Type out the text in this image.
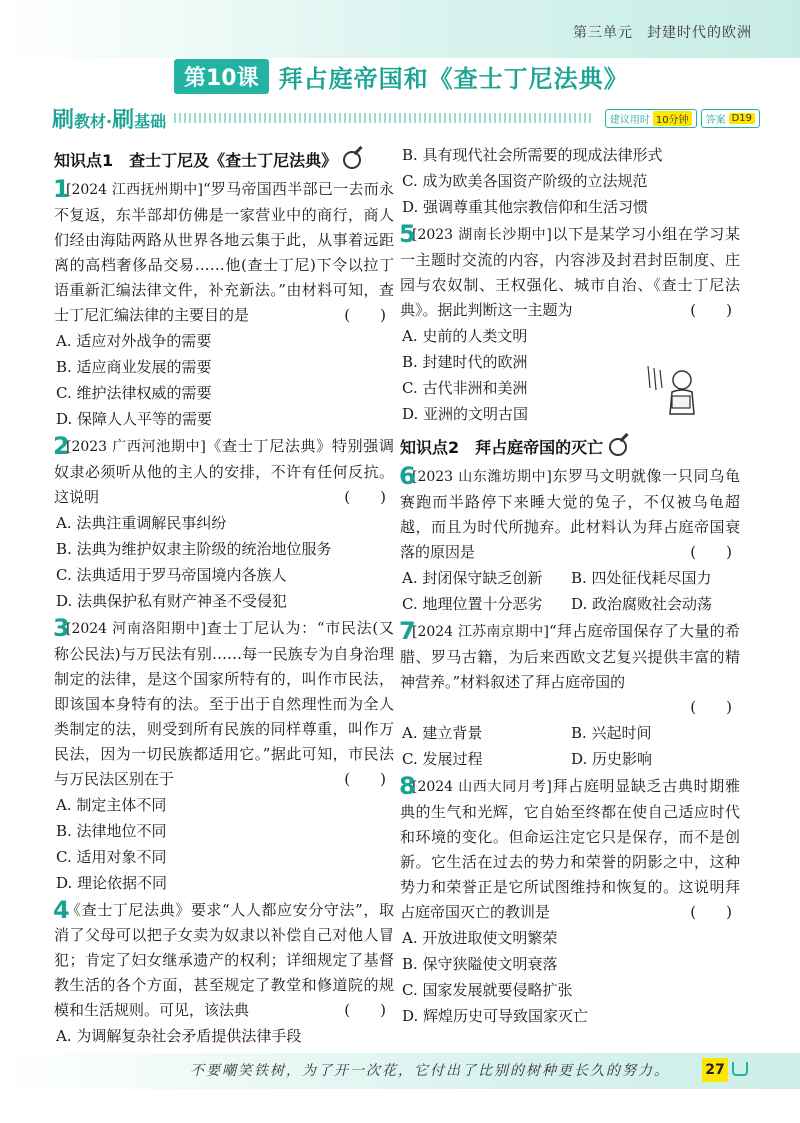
第三单元 封建时代的欧洲
第10课 拜占庭帝国和《查士丁尼法典》
刷教材·刷基础	建议用时 10分钟	答案 D19
知识点1　查士丁尼及《查士丁尼法典》
1
[2024 江西抚州期中]“罗马帝国西半部已一去而永不复返，东半部却仿佛是一家营业中的商行，商人们经由海陆两路从世界各地云集于此，从事着远距离的高档奢侈品交易……他(查士丁尼)下令以拉丁语重新汇编法律文件，补充新法。”由材料可知，查士丁尼汇编法律的主要目的是	(　　)
A. 适应对外战争的需要
B. 适应商业发展的需要
C. 维护法律权威的需要
D. 保障人人平等的需要
2
[2023 广西河池期中]《查士丁尼法典》特别强调奴隶必须听从他的主人的安排，不许有任何反抗。这说明	(　　)
A. 法典注重调解民事纠纷
B. 法典为维护奴隶主阶级的统治地位服务
C. 法典适用于罗马帝国境内各族人
D. 法典保护私有财产神圣不受侵犯
3
[2024 河南洛阳期中]查士丁尼认为：“市民法(又称公民法)与万民法有别……每一民族专为自身治理制定的法律，是这个国家所特有的，叫作市民法，即该国本身特有的法。至于出于自然理性而为全人类制定的法，则受到所有民族的同样尊重，叫作万民法，因为一切民族都适用它。”据此可知，市民法与万民法区别在于	(　　)
A. 制定主体不同
B. 法律地位不同
C. 适用对象不同
D. 理论依据不同
4
《查士丁尼法典》要求“人人都应安分守法”，取消了父母可以把子女卖为奴隶以补偿自己对他人冒犯；肯定了妇女继承遗产的权利；详细规定了基督教生活的各个方面，甚至规定了教堂和修道院的规模和生活规则。可见，该法典	(　　)
A. 为调解复杂社会矛盾提供法律手段
B. 具有现代社会所需要的现成法律形式
C. 成为欧美各国资产阶级的立法规范
D. 强调尊重其他宗教信仰和生活习惯
5
[2023 湖南长沙期中]以下是某学习小组在学习某一主题时交流的内容，内容涉及封君封臣制度、庄园与农奴制、王权强化、城市自治、《查士丁尼法典》。据此判断这一主题为	(　　)
A. 史前的人类文明
B. 封建时代的欧洲
C. 古代非洲和美洲
D. 亚洲的文明古国
知识点2　拜占庭帝国的灭亡
6
[2023 山东潍坊期中]东罗马文明就像一只同乌龟赛跑而半路停下来睡大觉的兔子，不仅被乌龟超越，而且为时代所抛弃。此材料认为拜占庭帝国衰落的原因是	(　　)
A. 封闭保守缺乏创新	B. 四处征伐耗尽国力
C. 地理位置十分恶劣	D. 政治腐败社会动荡
7
[2024 江苏南京期中]“拜占庭帝国保存了大量的希腊、罗马古籍，为后来西欧文艺复兴提供丰富的精神营养。”材料叙述了拜占庭帝国的
(　　)
A. 建立背景	B. 兴起时间
C. 发展过程	D. 历史影响
8
[2024 山西大同月考]拜占庭明显缺乏古典时期雅典的生气和光辉，它自始至终都在使自己适应时代和环境的变化。但命运注定它只是保存，而不是创新。它生活在过去的势力和荣誉的阴影之中，这种势力和荣誉正是它所试图维持和恢复的。这说明拜占庭帝国灭亡的教训是	(　　)
A. 开放进取使文明繁荣
B. 保守狭隘使文明衰落
C. 国家发展就要侵略扩张
D. 辉煌历史可导致国家灭亡
不要嘲笑铁树，为了开一次花，它付出了比别的树种更长久的努力。	27
